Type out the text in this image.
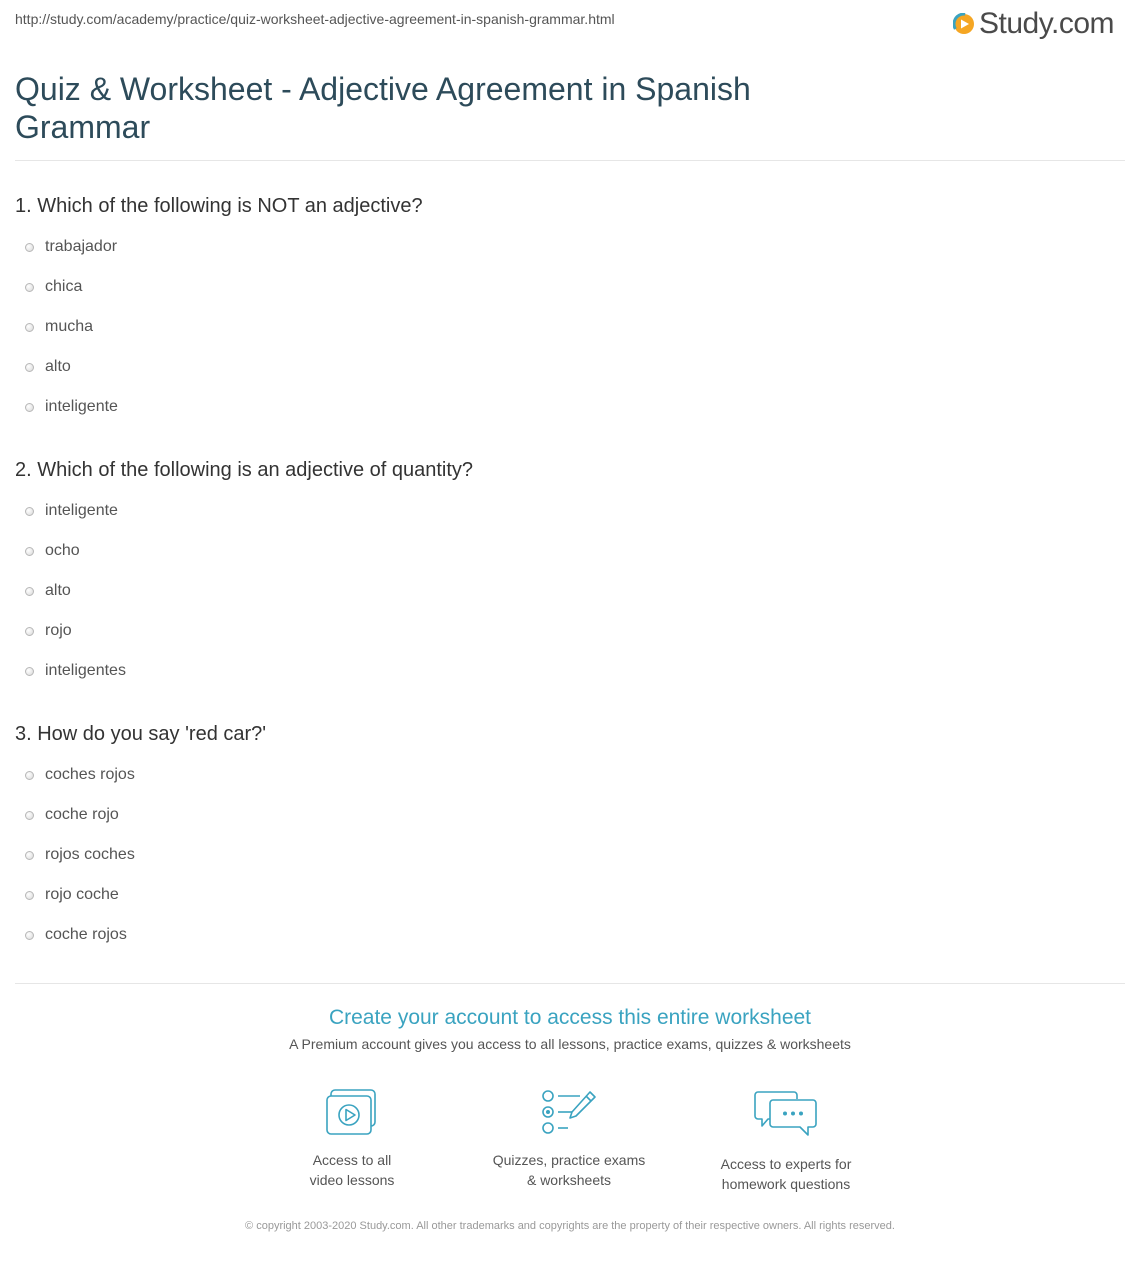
http://study.com/academy/practice/quiz-worksheet-adjective-agreement-in-spanish-grammar.html	Study.com
Quiz & Worksheet - Adjective Agreement in Spanish Grammar
1. Which of the following is NOT an adjective?
trabajador
chica
mucha
alto
inteligente
2. Which of the following is an adjective of quantity?
inteligente
ocho
alto
rojo
inteligentes
3. How do you say 'red car?'
coches rojos
coche rojo
rojos coches
rojo coche
coche rojos
Create your account to access this entire worksheet
A Premium account gives you access to all lessons, practice exams, quizzes & worksheets
Access to all
video lessons
Quizzes, practice exams
& worksheets
Access to experts for
homework questions
© copyright 2003-2020 Study.com. All other trademarks and copyrights are the property of their respective owners. All rights reserved.
